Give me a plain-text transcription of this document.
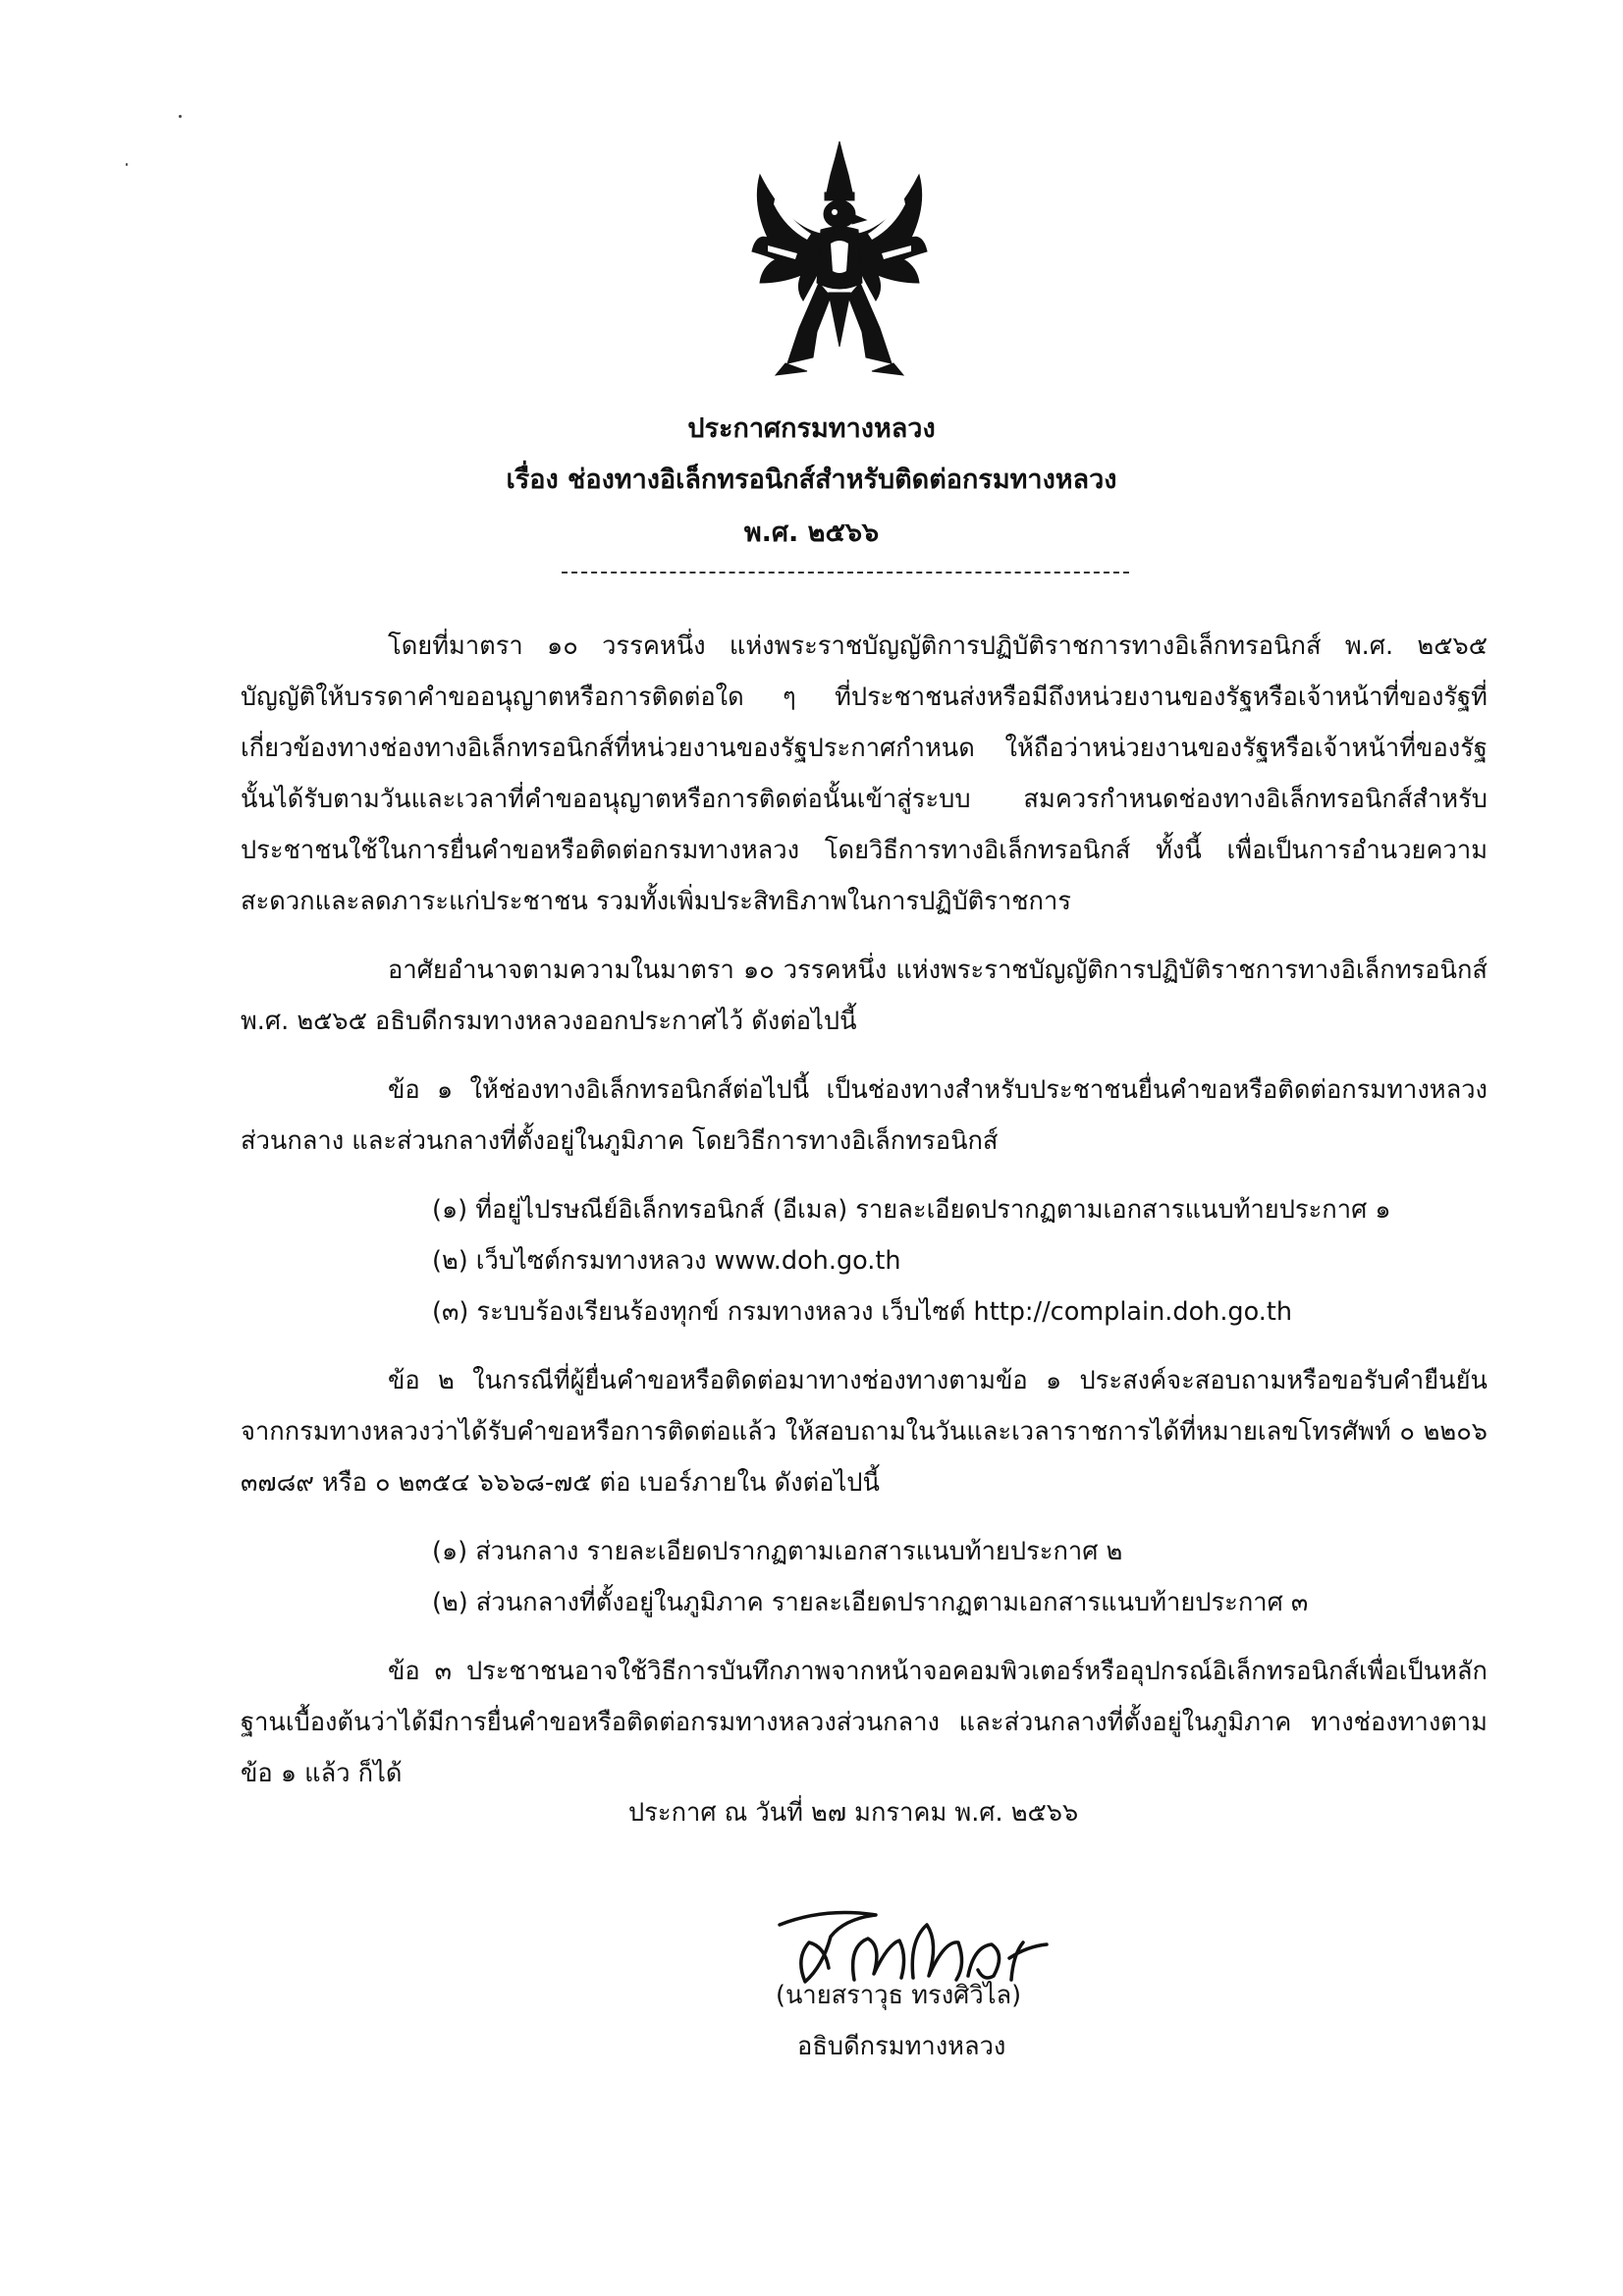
ประกาศกรมทางหลวง
เรื่อง ช่องทางอิเล็กทรอนิกส์สำหรับติดต่อกรมทางหลวง
พ.ศ. ๒๕๖๖

โดยที่มาตรา ๑๐ วรรคหนึ่ง แห่งพระราชบัญญัติการปฏิบัติราชการทางอิเล็กทรอนิกส์ พ.ศ. ๒๕๖๕ บัญญัติให้บรรดาคำขออนุญาตหรือการติดต่อใด ๆ ที่ประชาชนส่งหรือมีถึงหน่วยงานของรัฐหรือเจ้าหน้าที่ของรัฐที่เกี่ยวข้องทางช่องทางอิเล็กทรอนิกส์ที่หน่วยงานของรัฐประกาศกำหนด ให้ถือว่าหน่วยงานของรัฐหรือเจ้าหน้าที่ของรัฐนั้นได้รับตามวันและเวลาที่คำขออนุญาตหรือการติดต่อนั้นเข้าสู่ระบบ สมควรกำหนดช่องทางอิเล็กทรอนิกส์สำหรับประชาชนใช้ในการยื่นคำขอหรือติดต่อกรมทางหลวง โดยวิธีการทางอิเล็กทรอนิกส์ ทั้งนี้ เพื่อเป็นการอำนวยความสะดวกและลดภาระแก่ประชาชน รวมทั้งเพิ่มประสิทธิภาพในการปฏิบัติราชการ

อาศัยอำนาจตามความในมาตรา ๑๐ วรรคหนึ่ง แห่งพระราชบัญญัติการปฏิบัติราชการทางอิเล็กทรอนิกส์ พ.ศ. ๒๕๖๕ อธิบดีกรมทางหลวงออกประกาศไว้ ดังต่อไปนี้

ข้อ ๑ ให้ช่องทางอิเล็กทรอนิกส์ต่อไปนี้ เป็นช่องทางสำหรับประชาชนยื่นคำขอหรือติดต่อกรมทางหลวงส่วนกลาง และส่วนกลางที่ตั้งอยู่ในภูมิภาค โดยวิธีการทางอิเล็กทรอนิกส์

(๑) ที่อยู่ไปรษณีย์อิเล็กทรอนิกส์ (อีเมล) รายละเอียดปรากฏตามเอกสารแนบท้ายประกาศ ๑
(๒) เว็บไซต์กรมทางหลวง www.doh.go.th
(๓) ระบบร้องเรียนร้องทุกข์ กรมทางหลวง เว็บไซต์ http://complain.doh.go.th

ข้อ ๒ ในกรณีที่ผู้ยื่นคำขอหรือติดต่อมาทางช่องทางตามข้อ ๑ ประสงค์จะสอบถามหรือขอรับคำยืนยันจากกรมทางหลวงว่าได้รับคำขอหรือการติดต่อแล้ว ให้สอบถามในวันและเวลาราชการได้ที่หมายเลขโทรศัพท์ ๐ ๒๒๐๖ ๓๗๘๙ หรือ ๐ ๒๓๕๔ ๖๖๖๘-๗๕ ต่อ เบอร์ภายใน ดังต่อไปนี้

(๑) ส่วนกลาง รายละเอียดปรากฏตามเอกสารแนบท้ายประกาศ ๒
(๒) ส่วนกลางที่ตั้งอยู่ในภูมิภาค รายละเอียดปรากฏตามเอกสารแนบท้ายประกาศ ๓

ข้อ ๓ ประชาชนอาจใช้วิธีการบันทึกภาพจากหน้าจอคอมพิวเตอร์หรืออุปกรณ์อิเล็กทรอนิกส์เพื่อเป็นหลักฐานเบื้องต้นว่าได้มีการยื่นคำขอหรือติดต่อกรมทางหลวงส่วนกลาง และส่วนกลางที่ตั้งอยู่ในภูมิภาค ทางช่องทางตามข้อ ๑ แล้ว ก็ได้

ประกาศ ณ วันที่ ๒๗ มกราคม พ.ศ. ๒๕๖๖
(นายสราวุธ ทรงศิวิไล)
อธิบดีกรมทางหลวง
